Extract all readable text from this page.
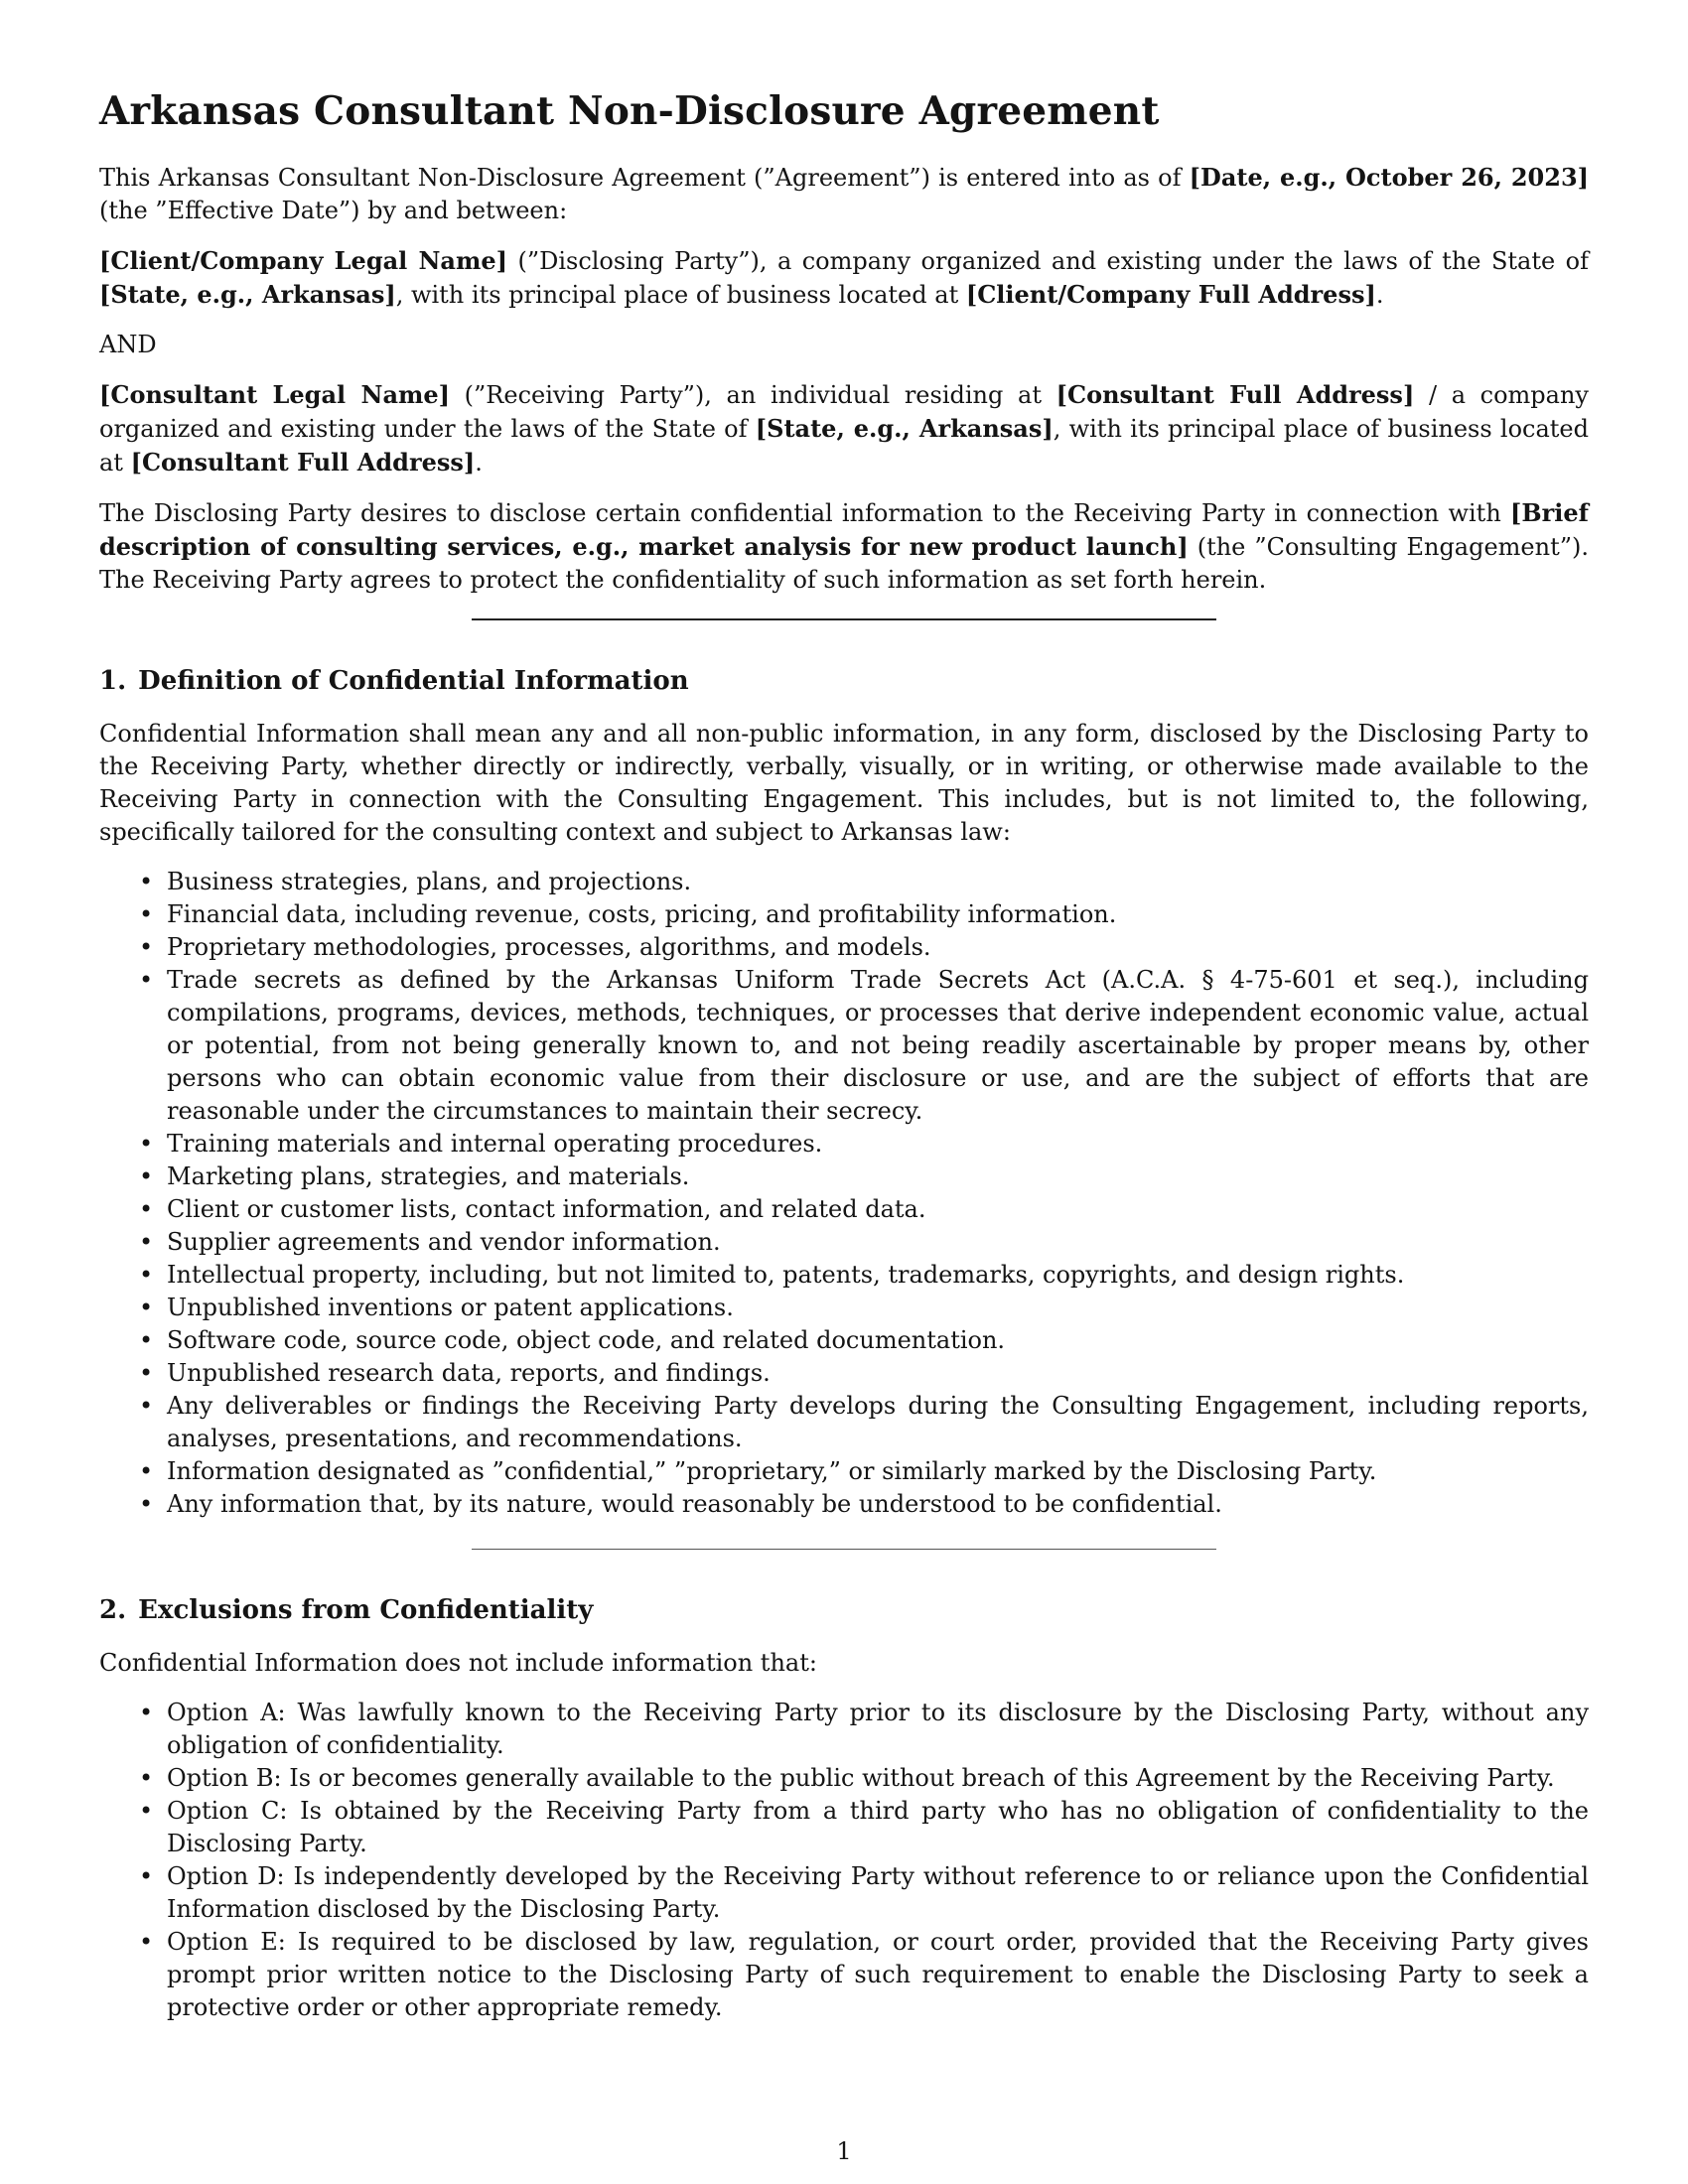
Arkansas Consultant Non-Disclosure Agreement

This Arkansas Consultant Non-Disclosure Agreement (”Agreement”) is entered into as of [Date, e.g., October 26, 2023] (the ”Effective Date”) by and between:

[Client/Company Legal Name] (”Disclosing Party”), a company organized and existing under the laws of the State of [State, e.g., Arkansas], with its principal place of business located at [Client/Company Full Address].

AND

[Consultant Legal Name] (”Receiving Party”), an individual residing at [Consultant Full Address] / a company organized and existing under the laws of the State of [State, e.g., Arkansas], with its principal place of business located at [Consultant Full Address].

The Disclosing Party desires to disclose certain confidential information to the Receiving Party in connection with [Brief description of consulting services, e.g., market analysis for new product launch] (the ”Consulting Engagement”). The Receiving Party agrees to protect the confidentiality of such information as set forth herein.

1. Definition of Confidential Information

Confidential Information shall mean any and all non-public information, in any form, disclosed by the Disclosing Party to the Receiving Party, whether directly or indirectly, verbally, visually, or in writing, or otherwise made available to the Receiving Party in connection with the Consulting Engagement. This includes, but is not limited to, the following, specifically tailored for the consulting context and subject to Arkansas law:

• Business strategies, plans, and projections.
• Financial data, including revenue, costs, pricing, and profitability information.
• Proprietary methodologies, processes, algorithms, and models.
• Trade secrets as defined by the Arkansas Uniform Trade Secrets Act (A.C.A. § 4-75-601 et seq.), including compilations, programs, devices, methods, techniques, or processes that derive independent economic value, actual or potential, from not being generally known to, and not being readily ascertainable by proper means by, other persons who can obtain economic value from their disclosure or use, and are the subject of efforts that are reasonable under the circumstances to maintain their secrecy.
• Training materials and internal operating procedures.
• Marketing plans, strategies, and materials.
• Client or customer lists, contact information, and related data.
• Supplier agreements and vendor information.
• Intellectual property, including, but not limited to, patents, trademarks, copyrights, and design rights.
• Unpublished inventions or patent applications.
• Software code, source code, object code, and related documentation.
• Unpublished research data, reports, and findings.
• Any deliverables or findings the Receiving Party develops during the Consulting Engagement, including reports, analyses, presentations, and recommendations.
• Information designated as ”confidential,” ”proprietary,” or similarly marked by the Disclosing Party.
• Any information that, by its nature, would reasonably be understood to be confidential.
2. Exclusions from Confidentiality

Confidential Information does not include information that:

• Option A: Was lawfully known to the Receiving Party prior to its disclosure by the Disclosing Party, without any obligation of confidentiality.
• Option B: Is or becomes generally available to the public without breach of this Agreement by the Receiving Party.
• Option C: Is obtained by the Receiving Party from a third party who has no obligation of confidentiality to the Disclosing Party.
• Option D: Is independently developed by the Receiving Party without reference to or reliance upon the Confidential Information disclosed by the Disclosing Party.
• Option E: Is required to be disclosed by law, regulation, or court order, provided that the Receiving Party gives prompt prior written notice to the Disclosing Party of such requirement to enable the Disclosing Party to seek a protective order or other appropriate remedy.
1
